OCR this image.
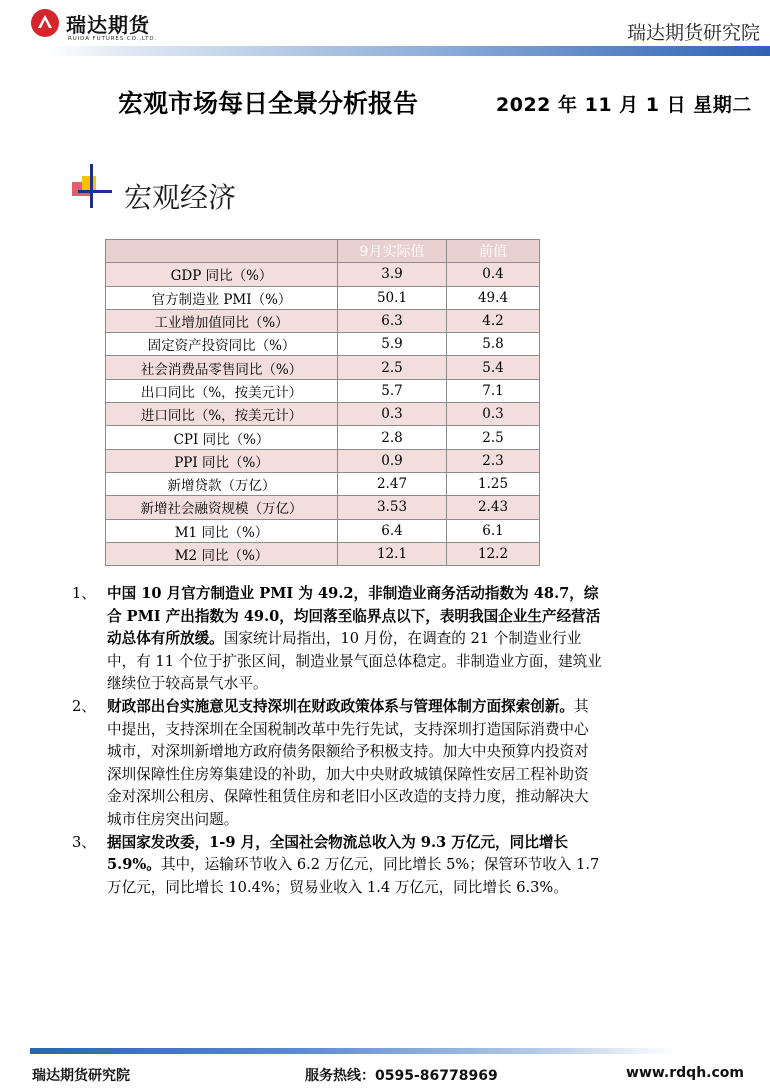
瑞达期货
RUIDA FUTURES CO.,LTD.	瑞达期货研究院
宏观市场每日全景分析报告	2022 年 11 月 1 日 星期二
宏观经济
	9月实际值	前值
GDP 同比（%）	3.9	0.4
官方制造业 PMI（%）	50.1	49.4
工业增加值同比（%）	6.3	4.2
固定资产投资同比（%）	5.9	5.8
社会消费品零售同比（%）	2.5	5.4
出口同比（%，按美元计）	5.7	7.1
进口同比（%，按美元计）	0.3	0.3
CPI 同比（%）	2.8	2.5
PPI 同比（%）	0.9	2.3
新增贷款（万亿）	2.47	1.25
新增社会融资规模（万亿）	3.53	2.43
M1 同比（%）	6.4	6.1
M2 同比（%）	12.1	12.2
1、 中国 10 月官方制造业 PMI 为 49.2，非制造业商务活动指数为 48.7，综合 PMI 产出指数为 49.0，均回落至临界点以下，表明我国企业生产经营活动总体有所放缓。国家统计局指出，10 月份，在调查的 21 个制造业行业中，有 11 个位于扩张区间，制造业景气面总体稳定。非制造业方面，建筑业继续位于较高景气水平。
2、 财政部出台实施意见支持深圳在财政政策体系与管理体制方面探索创新。其中提出，支持深圳在全国税制改革中先行先试，支持深圳打造国际消费中心城市，对深圳新增地方政府债务限额给予积极支持。加大中央预算内投资对深圳保障性住房筹集建设的补助，加大中央财政城镇保障性安居工程补助资金对深圳公租房、保障性租赁住房和老旧小区改造的支持力度，推动解决大城市住房突出问题。
3、 据国家发改委，1-9 月，全国社会物流总收入为 9.3 万亿元，同比增长 5.9%。其中，运输环节收入 6.2 万亿元，同比增长 5%；保管环节收入 1.7 万亿元，同比增长 10.4%；贸易业收入 1.4 万亿元，同比增长 6.3%。
瑞达期货研究院	服务热线：0595-86778969	www.rdqh.com
